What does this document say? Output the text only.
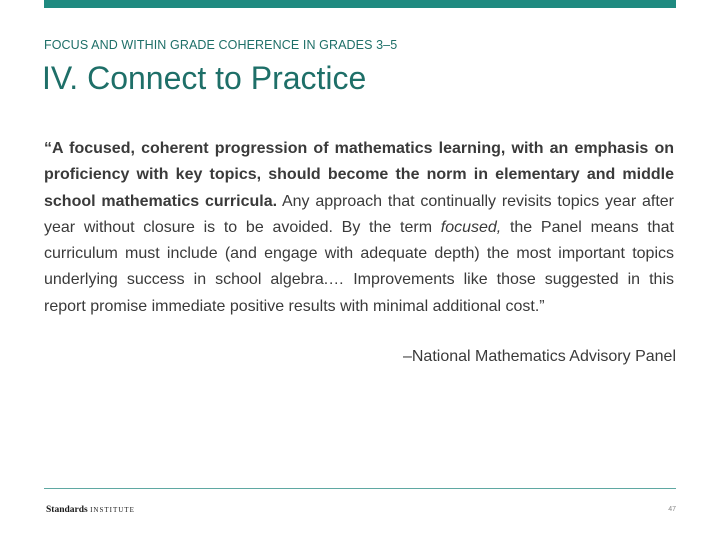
FOCUS AND WITHIN GRADE COHERENCE IN GRADES 3–5
IV. Connect to Practice

“A focused, coherent progression of mathematics learning, with an emphasis on proficiency with key topics, should become the norm in elementary and middle school mathematics curricula. Any approach that continually revisits topics year after year without closure is to be avoided. By the term focused, the Panel means that curriculum must include (and engage with adequate depth) the most important topics underlying success in school algebra.… Improvements like those suggested in this report promise immediate positive results with minimal additional cost.”

–National Mathematics Advisory Panel
Standards INSTITUTE	47
